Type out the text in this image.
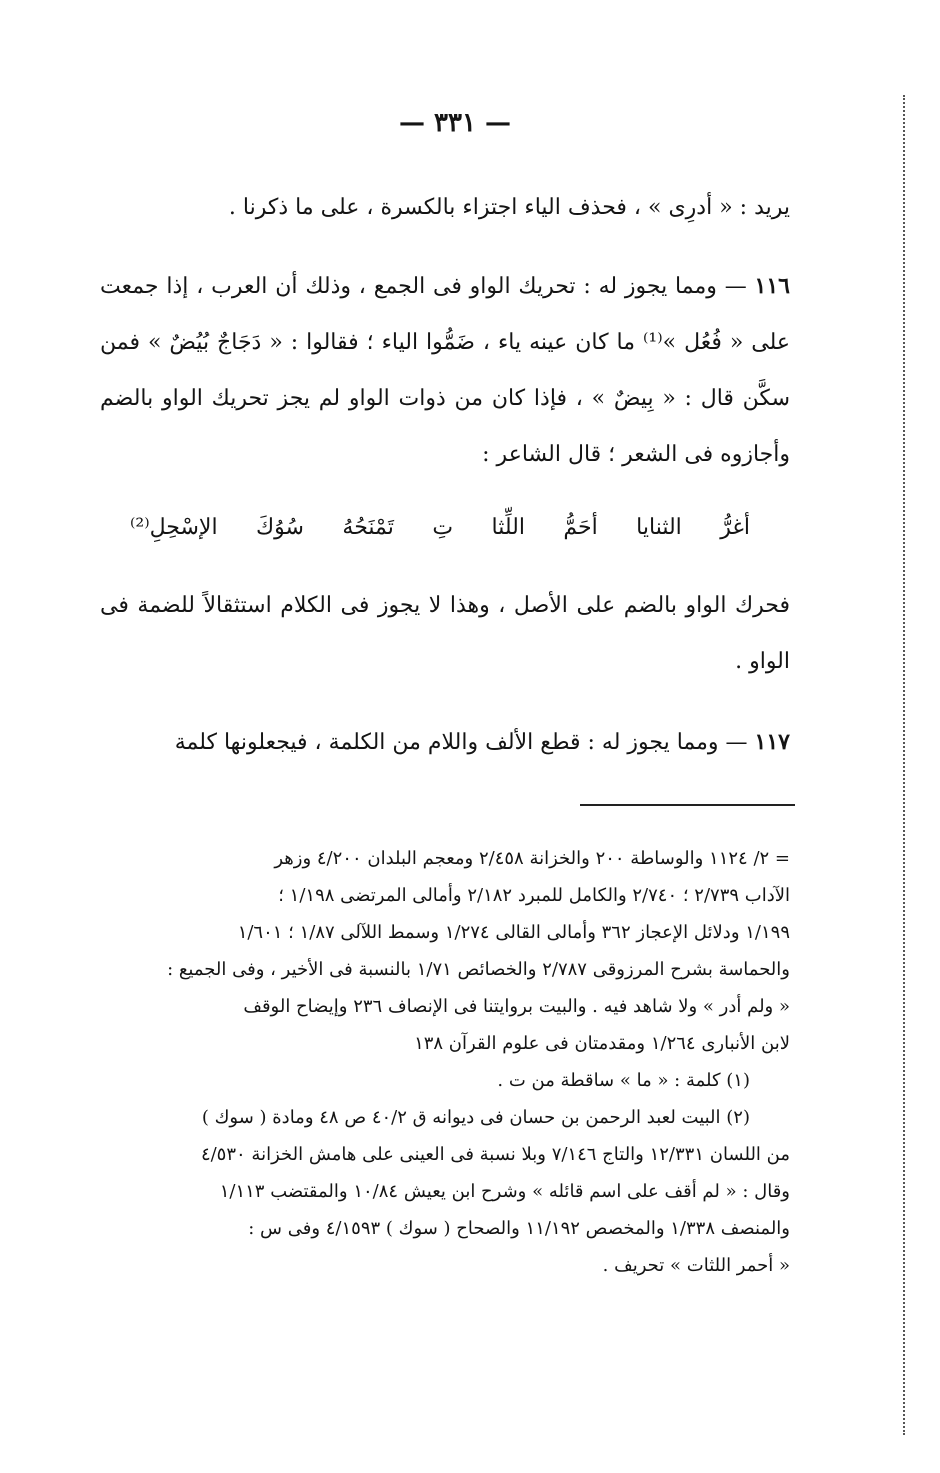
— ٣٣١ —
يريد : « أدرِى » ، فحذف الياء اجتزاء بالكسرة ، على ما ذكرنا .
١١٦ — ومما يجوز له : تحريك الواو فى الجمع ، وذلك أن العرب ، إذا جمعت على « فُعُل »⁽¹⁾ ما كان عينه ياء ، ضَمُّوا الياء ؛ فقالوا : « دَجَاجٌ بُيُضٌ » فمن سكَّن قال : « بِيضٌ » ، فإذا كان من ذوات الواو لم يجز تحريك الواو بالضم وأجازوه فى الشعر ؛ قال الشاعر :
أغرُّ
الثنايا
أحَمُّ
اللِّثا
تِ
تَمْنَحُهُ
سُوُكَ
الإسْحِلِ⁽²⁾
فحرك الواو بالضم على الأصل ، وهذا لا يجوز فى الكلام استثقالاً للضمة فى الواو .
١١٧ — ومما يجوز له : قطع الألف واللام من الكلمة ، فيجعلونها كلمة
= ٢/ ١١٢٤ والوساطة ٢٠٠ والخزانة ٢/٤٥٨ ومعجم البلدان ٤/٢٠٠ وزهر
الآداب ٢/٧٣٩ ؛ ٢/٧٤٠ والكامل للمبرد ٢/١٨٢ وأمالى المرتضى ١/١٩٨ ؛
١/١٩٩ ودلائل الإعجاز ٣٦٢ وأمالى القالى ١/٢٧٤ وسمط اللآلى ١/٨٧ ؛ ١/٦٠١
والحماسة بشرح المرزوقى ٢/٧٨٧ والخصائص ١/٧١ بالنسبة فى الأخير ، وفى الجميع :
« ولم أدر » ولا شاهد فيه . والبيت بروايتنا فى الإنصاف ٢٣٦ وإيضاح الوقف
لابن الأنبارى ١/٢٦٤ ومقدمتان فى علوم القرآن ١٣٨
(١) كلمة : « ما » ساقطة من ت .
(٢) البيت لعبد الرحمن بن حسان فى ديوانه ق ٤٠/٢ ص ٤٨ ومادة ( سوك )
من اللسان ١٢/٣٣١ والتاج ٧/١٤٦ وبلا نسبة فى العينى على هامش الخزانة ٤/٥٣٠
وقال : « لم أقف على اسم قائله » وشرح ابن يعيش ١٠/٨٤ والمقتضب ١/١١٣
والمنصف ١/٣٣٨ والمخصص ١١/١٩٢ والصحاح ( سوك ) ٤/١٥٩٣ وفى س :
« أحمر اللثات » تحريف .
